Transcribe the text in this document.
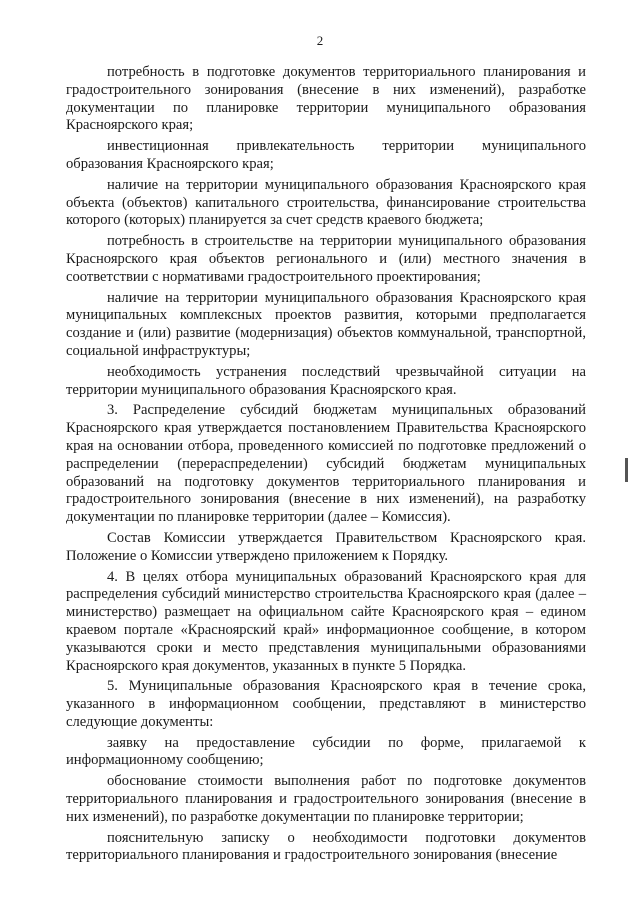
2

потребность в подготовке документов территориального планирования и градостроительного зонирования (внесение в них изменений), разработке документации по планировке территории муниципального образования Красноярского края;

инвестиционная привлекательность территории муниципального образования Красноярского края;

наличие на территории муниципального образования Красноярского края объекта (объектов) капитального строительства, финансирование строительства которого (которых) планируется за счет средств краевого бюджета;

потребность в строительстве на территории муниципального образования Красноярского края объектов регионального и (или) местного значения в соответствии с нормативами градостроительного проектирования;

наличие на территории муниципального образования Красноярского края муниципальных комплексных проектов развития, которыми предполагается создание и (или) развитие (модернизация) объектов коммунальной, транспортной, социальной инфраструктуры;

необходимость устранения последствий чрезвычайной ситуации на территории муниципального образования Красноярского края.

3. Распределение субсидий бюджетам муниципальных образований Красноярского края утверждается постановлением Правительства Красноярского края на основании отбора, проведенного комиссией по подготовке предложений о распределении (перераспределении) субсидий бюджетам муниципальных образований на подготовку документов территориального планирования и градостроительного зонирования (внесение в них изменений), на разработку документации по планировке территории (далее – Комиссия).

Состав Комиссии утверждается Правительством Красноярского края. Положение о Комиссии утверждено приложением к Порядку.

4. В целях отбора муниципальных образований Красноярского края для распределения субсидий министерство строительства Красноярского края (далее – министерство) размещает на официальном сайте Красноярского края – едином краевом портале «Красноярский край» информационное сообщение, в котором указываются сроки и место представления муниципальными образованиями Красноярского края документов, указанных в пункте 5 Порядка.

5. Муниципальные образования Красноярского края в течение срока, указанного в информационном сообщении, представляют в министерство следующие документы:

заявку на предоставление субсидии по форме, прилагаемой к информационному сообщению;

обоснование стоимости выполнения работ по подготовке документов территориального планирования и градостроительного зонирования (внесение в них изменений), по разработке документации по планировке территории;

пояснительную записку о необходимости подготовки документов территориального планирования и градостроительного зонирования (внесение
